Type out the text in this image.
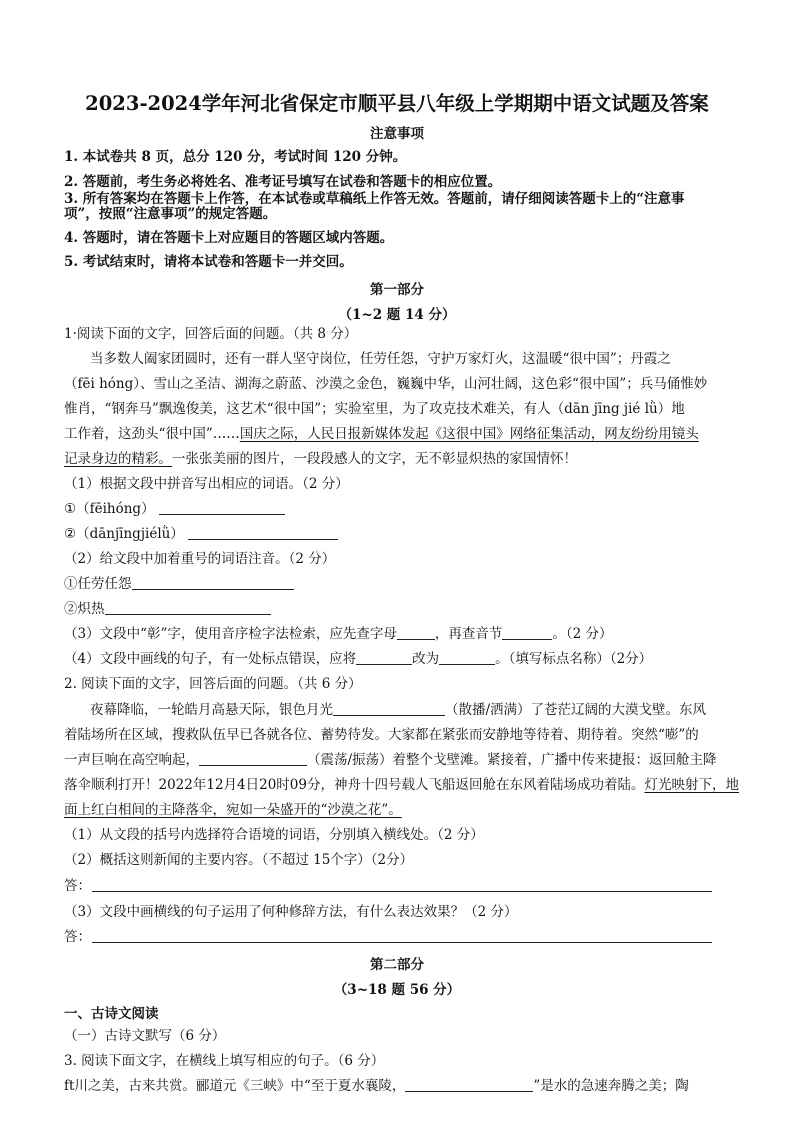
2023-2024学年河北省保定市顺平县八年级上学期期中语文试题及答案
注意事项
1. 本试卷共 8 页，总分 120 分，考试时间 120 分钟。
2. 答题前，考生务必将姓名、准考证号填写在试卷和答题卡的相应位置。
3. 所有答案均在答题卡上作答，在本试卷或草稿纸上作答无效。答题前，请仔细阅读答题卡上的“注意事
项”，按照“注意事项”的规定答题。
4. 答题时，请在答题卡上对应题目的答题区域内答题。
5. 考试结束时，请将本试卷和答题卡一并交回。
第一部分
（1~2 题 14 分）
1·阅读下面的文字，回答后面的问题。（共 8 分）
当多数人阖家团圆时，还有一群人坚守岗位，任劳任怨，守护万家灯火，这温暖“很中国”；丹霞之
（fēi hóng）、雪山之圣洁、湖海之蔚蓝、沙漠之金色，巍巍中华，山河壮阔，这色彩“很中国”；兵马俑惟妙
惟肖，“钢奔马”飘逸俊美，这艺术“很中国”；实验室里，为了攻克技术难关，有人（dān jīng jié lǜ）地
工作着，这劲头“很中国”……国庆之际，人民日报新媒体发起《这很中国》网络征集活动，网友纷纷用镜头
记录身边的精彩。一张张美丽的图片，一段段感人的文字，无不彰显炽热的家国情怀！
（1）根据文段中拼音写出相应的词语。（2 分）
①（fēihóng）
②（dānjīngjiélǜ）
（2）给文段中加着重号的词语注音。（2 分）
①任劳任怨
②炽热
（3）文段中“彰”字，使用音序检字法检索，应先查字母	，再查音节	。（2 分）
（4）文段中画线的句子，有一处标点错误，应将	改为	。（填写标点名称）（2分）
2. 阅读下面的文字，回答后面的问题。（共 6 分）
夜幕降临，一轮皓月高悬天际，银色月光	（散播/洒满）了苍茫辽阔的大漠戈壁。东风
着陆场所在区域，搜救队伍早已各就各位、蓄势待发。大家都在紧张而安静地等待着、期待着。突然“嘭”的
一声巨响在高空响起，	（震荡/振荡）着整个戈壁滩。紧接着，广播中传来捷报：返回舱主降
落伞顺利打开！2022年12月4日20时09分，神舟十四号载人飞船返回舱在东风着陆场成功着陆。灯光映射下，地
面上红白相间的主降落伞，宛如一朵盛开的“沙漠之花”。
（1）从文段的括号内选择符合语境的词语，分别填入横线处。（2 分）
（2）概括这则新闻的主要内容。（不超过 15个字）（2分）
答：
（3）文段中画横线的句子运用了何种修辞方法，有什么表达效果？（2 分）
答：
第二部分
（3~18 题 56 分）
一、古诗文阅读
（一）古诗文默写（6 分）
3. 阅读下面文字，在横线上填写相应的句子。（6 分）
ft川之美，古来共赏。郦道元《三峡》中“至于夏水襄陵，	”是水的急速奔腾之美；陶
